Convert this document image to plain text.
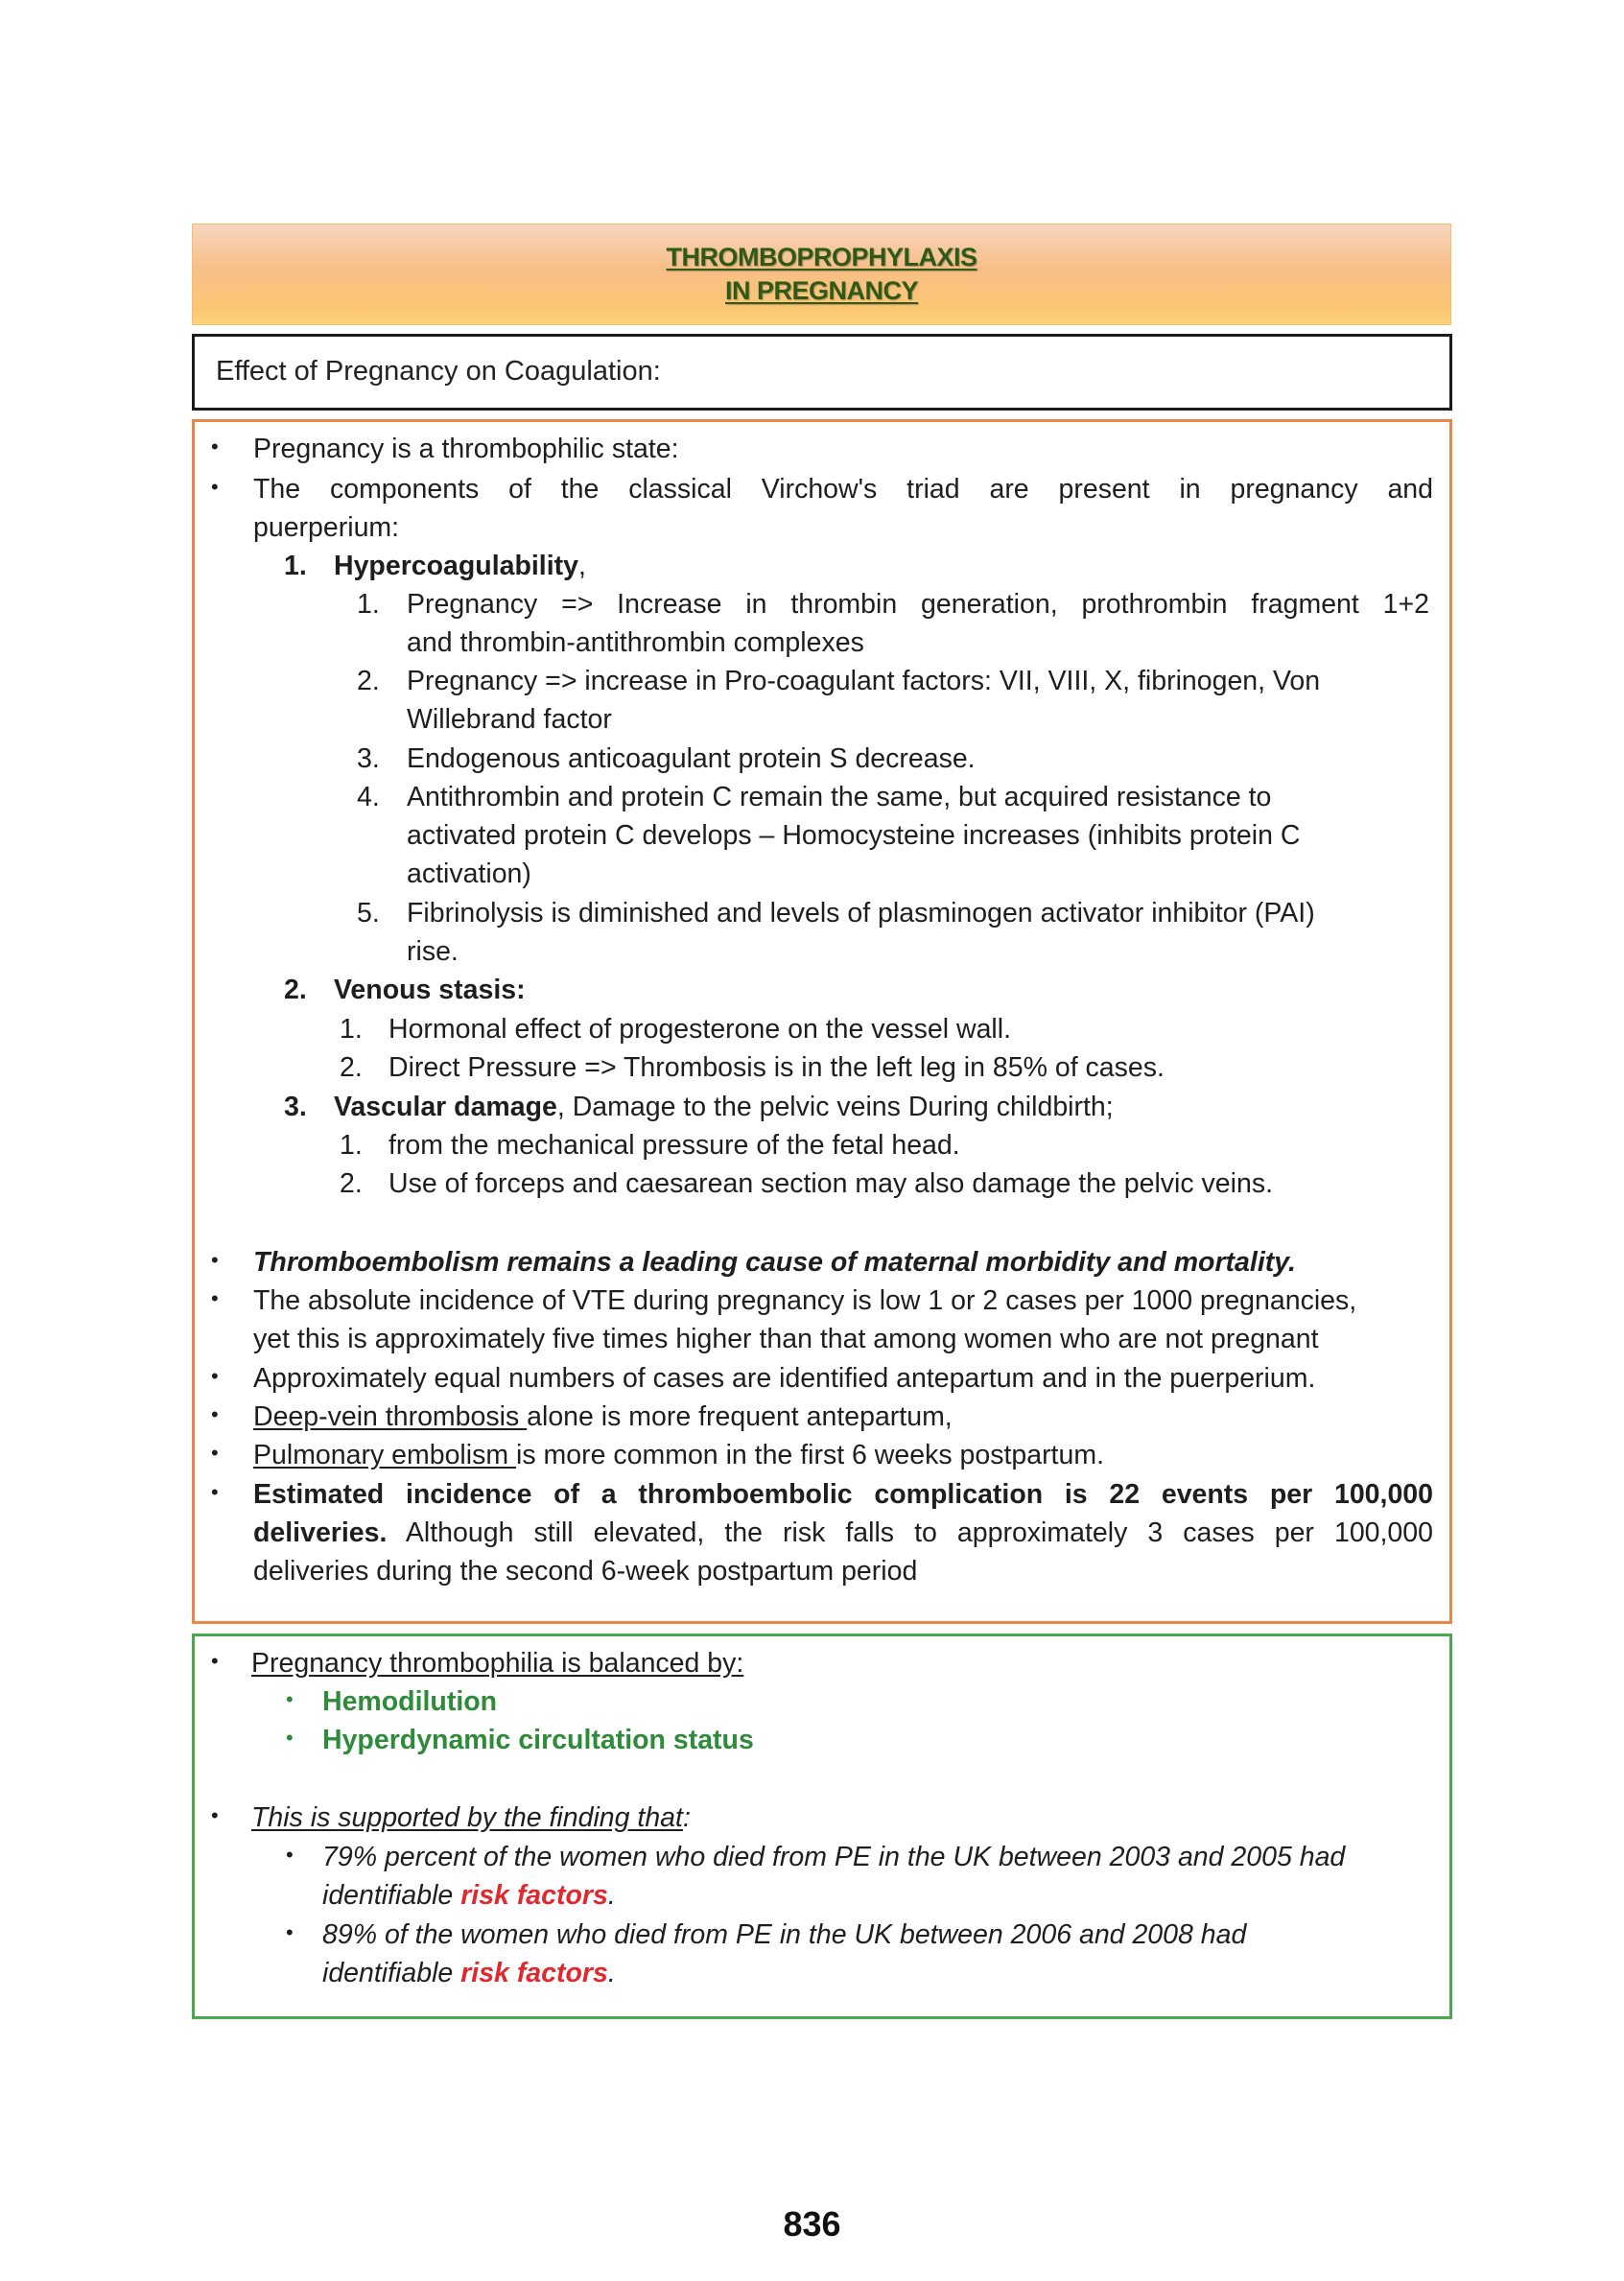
THROMBOPROPHYLAXIS
IN PREGNANCY
Effect of Pregnancy on Coagulation:
• Pregnancy is a thrombophilic state:
• The components of the classical Virchow's triad are present in pregnancy and
puerperium:
1. Hypercoagulability,
1. Pregnancy => Increase in thrombin generation, prothrombin fragment 1+2
and thrombin-antithrombin complexes
2. Pregnancy => increase in Pro-coagulant factors: VII, VIII, X, fibrinogen, Von
Willebrand factor
3. Endogenous anticoagulant protein S decrease.
4. Antithrombin and protein C remain the same, but acquired resistance to
activated protein C develops – Homocysteine increases (inhibits protein C
activation)
5. Fibrinolysis is diminished and levels of plasminogen activator inhibitor (PAI)
rise.
2. Venous stasis:
1. Hormonal effect of progesterone on the vessel wall.
2. Direct Pressure => Thrombosis is in the left leg in 85% of cases.
3. Vascular damage, Damage to the pelvic veins During childbirth;
1. from the mechanical pressure of the fetal head.
2. Use of forceps and caesarean section may also damage the pelvic veins.
• Thromboembolism remains a leading cause of maternal morbidity and mortality.
• The absolute incidence of VTE during pregnancy is low 1 or 2 cases per 1000 pregnancies,
yet this is approximately five times higher than that among women who are not pregnant
• Approximately equal numbers of cases are identified antepartum and in the puerperium.
• Deep-vein thrombosis alone is more frequent antepartum,
• Pulmonary embolism is more common in the first 6 weeks postpartum.
• Estimated incidence of a thromboembolic complication is 22 events per 100,000
deliveries. Although still elevated, the risk falls to approximately 3 cases per 100,000
deliveries during the second 6-week postpartum period
• Pregnancy thrombophilia is balanced by:
• Hemodilution
• Hyperdynamic circultation status
• This is supported by the finding that:
• 79% percent of the women who died from PE in the UK between 2003 and 2005 had
identifiable risk factors.
• 89% of the women who died from PE in the UK between 2006 and 2008 had
identifiable risk factors.
836
